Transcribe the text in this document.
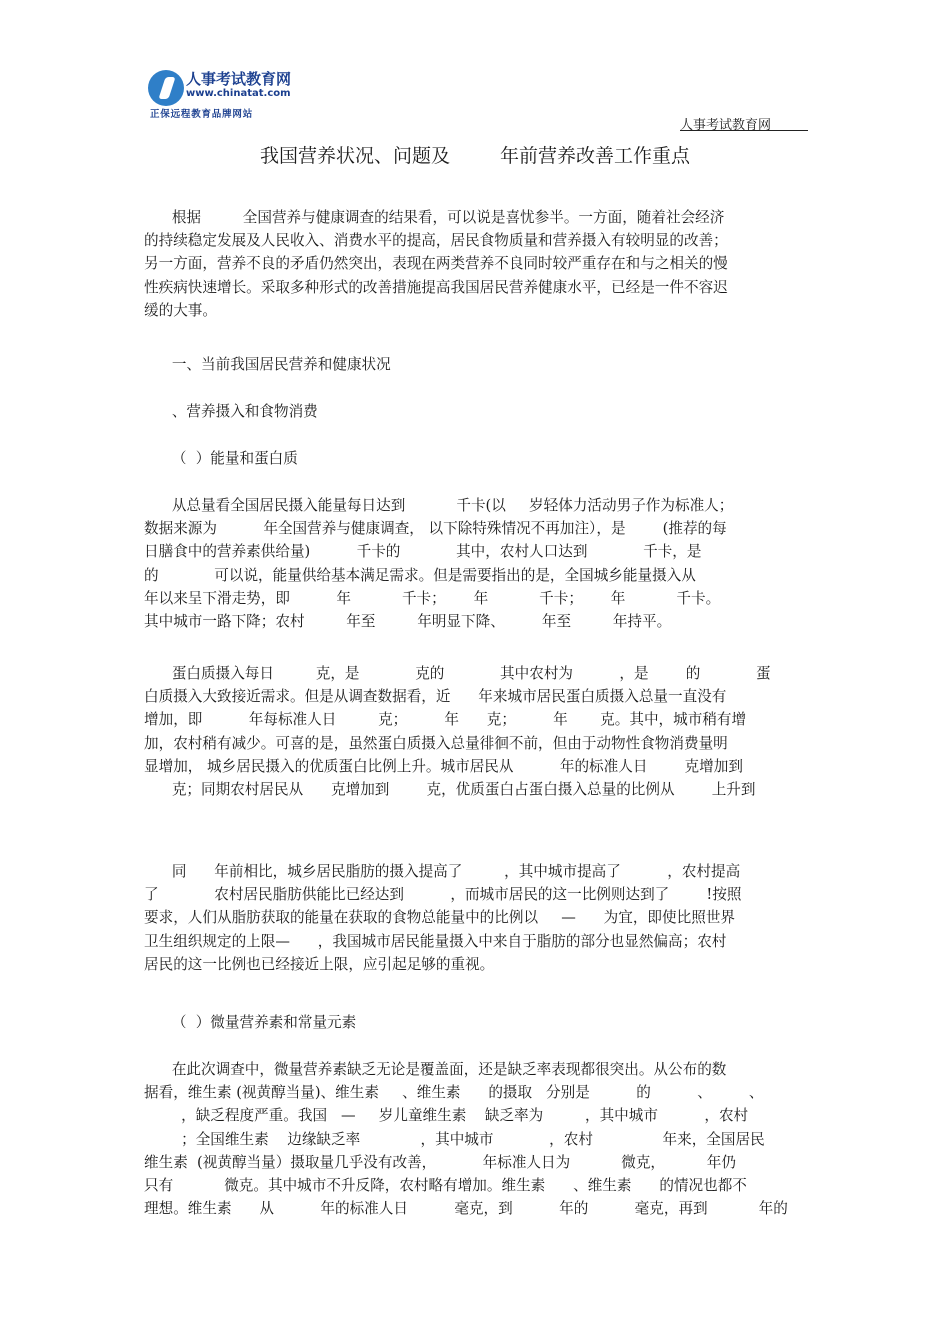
人事考试教育网
www.chinatat.com
正保远程教育品牌网站
人事考试教育网
我国营养状况、问题及	年前营养改善工作重点
根据         全国营养与健康调查的结果看，可以说是喜忧参半。一方面，随着社会经济
的持续稳定发展及人民收入、消费水平的提高，居民食物质量和营养摄入有较明显的改善；
另一方面，营养不良的矛盾仍然突出，表现在两类营养不良同时较严重存在和与之相关的慢
性疾病快速增长。采取多种形式的改善措施提高我国居民营养健康水平，已经是一件不容迟
缓的大事。
一、当前我国居民营养和健康状况
、营养摄入和食物消费
（  ）能量和蛋白质
从总量看全国居民摄入能量每日达到           千卡(以     岁轻体力活动男子作为标准人；
数据来源为          年全国营养与健康调查， 以下除特殊情况不再加注），是        (推荐的每
日膳食中的营养素供给量)          千卡的            其中，农村人口达到            千卡，是
的            可以说，能量供给基本满足需求。但是需要指出的是，全国城乡能量摄入从
年以来呈下滑走势，即          年           千卡；      年           千卡；      年           千卡。
其中城市一路下降；农村         年至         年明显下降、        年至         年持平。
蛋白质摄入每日         克，是            克的            其中农村为          ，是        的            蛋
白质摄入大致接近需求。但是从调查数据看，近      年来城市居民蛋白质摄入总量一直没有
增加，即          年每标准人日         克；        年      克；        年       克。其中，城市稍有增
加，农村稍有减少。可喜的是，虽然蛋白质摄入总量徘徊不前，但由于动物性食物消费量明
显增加， 城乡居民摄入的优质蛋白比例上升。城市居民从          年的标准人日        克增加到
克；同期农村居民从      克增加到        克，优质蛋白占蛋白摄入总量的比例从        上升到
同      年前相比，城乡居民脂肪的摄入提高了         ，其中城市提高了          ，农村提高
了            农村居民脂肪供能比已经达到          ，而城市居民的这一比例则达到了        !按照
要求，人们从脂肪获取的能量在获取的食物总能量中的比例以     —      为宜，即使比照世界
卫生组织规定的上限—      ，我国城市居民能量摄入中来自于脂肪的部分也显然偏高；农村
居民的这一比例也已经接近上限，应引起足够的重视。
（  ）微量营养素和常量元素
在此次调查中，微量营养素缺乏无论是覆盖面，还是缺乏率表现都很突出。从公布的数
据看，维生素 (视黄醇当量)、维生素     、维生素      的摄取   分别是          的          、        、
，缺乏程度严重。我国   —     岁儿童维生素    缺乏率为         ，其中城市          ，农村
；全国维生素    边缘缺乏率             ，其中城市            ，农村               年来，全国居民
维生素  (视黄醇当量）摄取量几乎没有改善，          年标准人日为           微克，         年仍
只有           微克。其中城市不升反降，农村略有增加。维生素      、维生素      的情况也都不
理想。维生素      从          年的标准人日          毫克，到          年的          毫克，再到           年的
